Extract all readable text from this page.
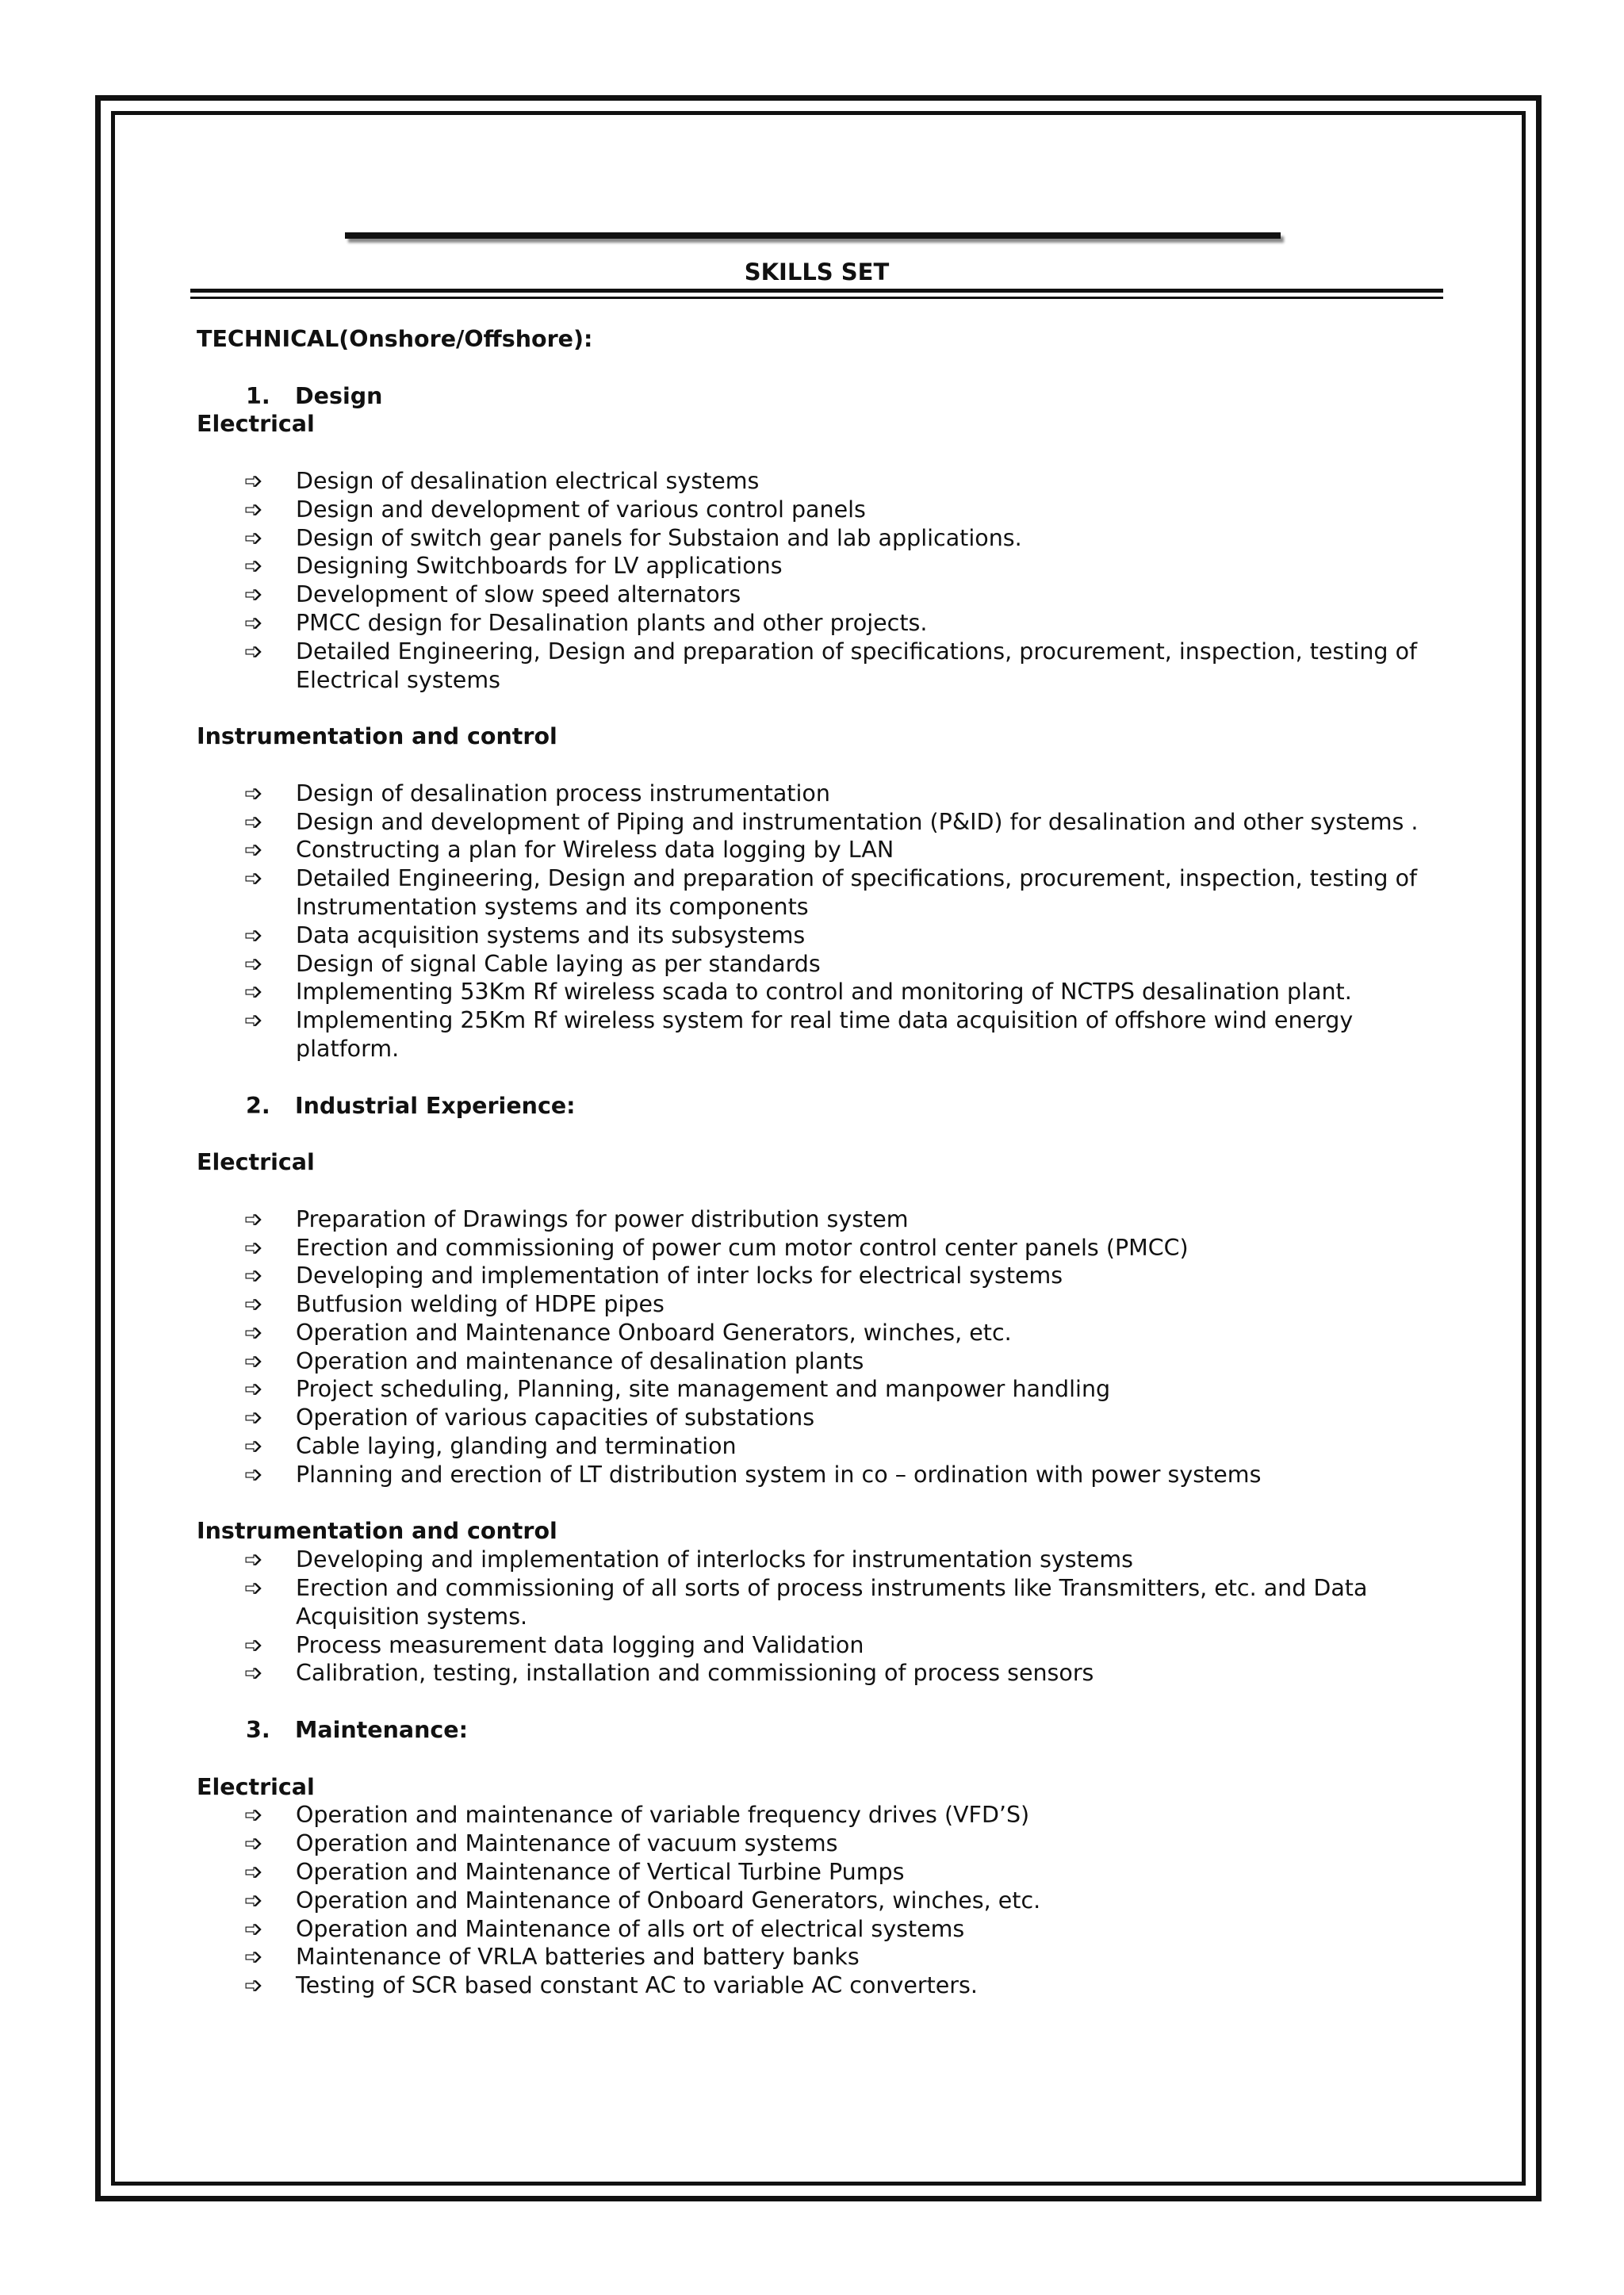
SKILLS SET
TECHNICAL(Onshore/Offshore):
1.	Design
Electrical
➩ Design of desalination electrical systems
➩ Design and development of various control panels
➩ Design of switch gear panels for Substaion and lab applications.
➩ Designing Switchboards for LV applications
➩ Development of slow speed alternators
➩ PMCC design for Desalination plants and other projects.
➩ Detailed Engineering, Design and preparation of specifications, procurement, inspection, testing of Electrical systems
Instrumentation and control
➩ Design of desalination process instrumentation
➩ Design and development of Piping and instrumentation (P&ID) for desalination and other systems .
➩ Constructing a plan for Wireless data logging by LAN
➩ Detailed Engineering, Design and preparation of specifications, procurement, inspection, testing of Instrumentation systems and its components
➩ Data acquisition systems and its subsystems
➩ Design of signal Cable laying as per standards
➩ Implementing 53Km Rf wireless scada to control and monitoring of NCTPS desalination plant.
➩ Implementing 25Km Rf wireless system for real time data acquisition of offshore wind energy platform.
2.	Industrial Experience:
Electrical
➩ Preparation of Drawings for power distribution system
➩ Erection and commissioning of power cum motor control center panels (PMCC)
➩ Developing and implementation of inter locks for electrical systems
➩ Butfusion welding of HDPE pipes
➩ Operation and Maintenance Onboard Generators, winches, etc.
➩ Operation and maintenance of desalination plants
➩ Project scheduling, Planning, site management and manpower handling
➩ Operation of various capacities of substations
➩ Cable laying, glanding and termination
➩ Planning and erection of LT distribution system in co – ordination with power systems
Instrumentation and control
➩ Developing and implementation of interlocks for instrumentation systems
➩ Erection and commissioning of all sorts of process instruments like Transmitters, etc. and Data Acquisition systems.
➩ Process measurement data logging and Validation
➩ Calibration, testing, installation and commissioning of process sensors
3.	Maintenance:
Electrical
➩ Operation and maintenance of variable frequency drives (VFD’S)
➩ Operation and Maintenance of vacuum systems
➩ Operation and Maintenance of Vertical Turbine Pumps
➩ Operation and Maintenance of Onboard Generators, winches, etc.
➩ Operation and Maintenance of alls ort of electrical systems
➩ Maintenance of VRLA batteries and battery banks
➩ Testing of SCR based constant AC to variable AC converters.
